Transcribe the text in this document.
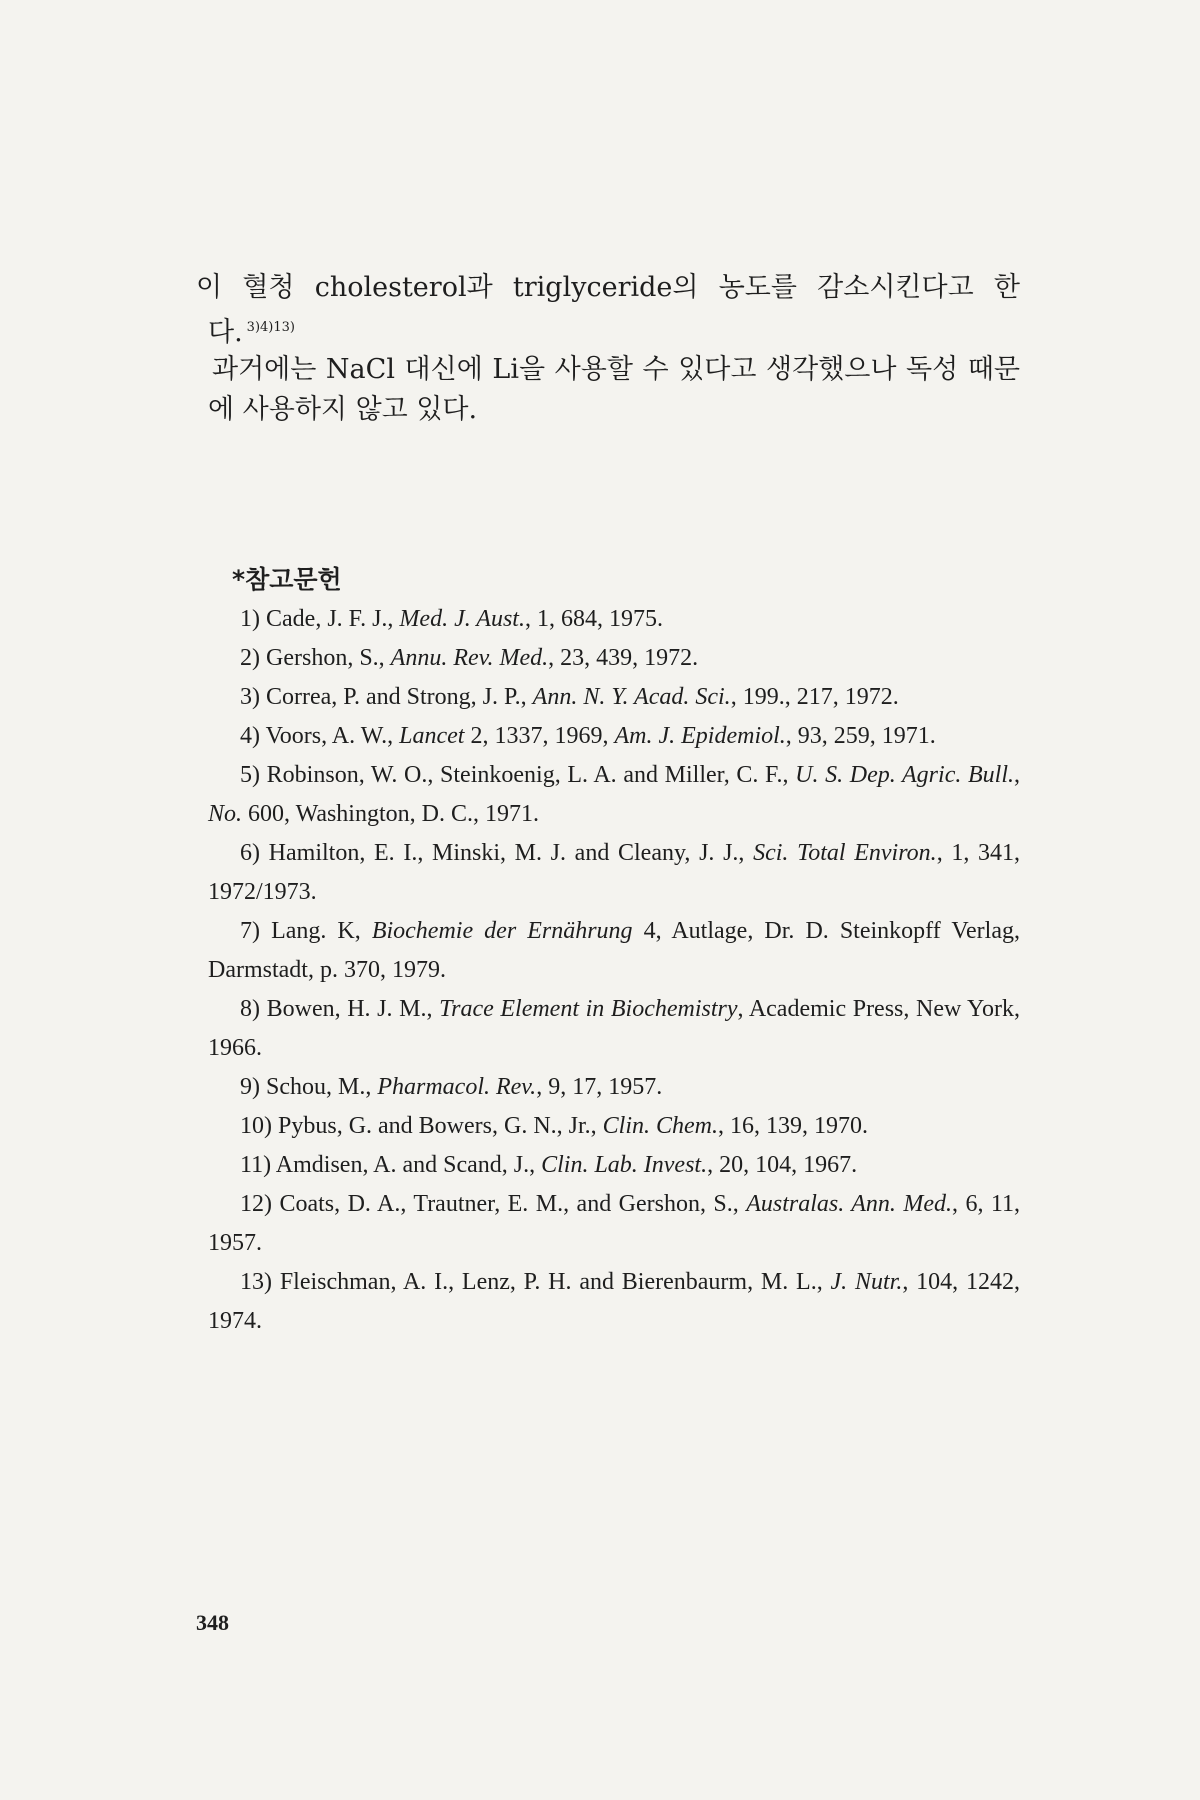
이 혈청 cholesterol과 triglyceride의 농도를 감소시킨다고 한다. $^{3)4)13)}$
과거에는 NaCl 대신에 Li을 사용할 수 있다고 생각했으나 독성 때문에 사용하지 않고 있다.
*참고문헌
1) Cade, J. F. J., Med. J. Aust., 1, 684, 1975.
2) Gershon, S., Annu. Rev. Med., 23, 439, 1972.
3) Correa, P. and Strong, J. P., Ann. N. Y. Acad. Sci., 199., 217, 1972.
4) Voors, A. W., Lancet 2, 1337, 1969, Am. J. Epidemiol., 93, 259, 1971.
5) Robinson, W. O., Steinkoenig, L. A. and Miller, C. F., U. S. Dep. Agric. Bull., No. 600, Washington, D. C., 1971.
6) Hamilton, E. I., Minski, M. J. and Cleany, J. J., Sci. Total Environ., 1, 341, 1972/1973.
7) Lang. K, Biochemie der Ernährung 4, Autlage, Dr. D. Steinkopff Verlag, Darmstadt, p. 370, 1979.
8) Bowen, H. J. M., Trace Element in Biochemistry, Academic Press, New York, 1966.
9) Schou, M., Pharmacol. Rev., 9, 17, 1957.
10) Pybus, G. and Bowers, G. N., Jr., Clin. Chem., 16, 139, 1970.
11) Amdisen, A. and Scand, J., Clin. Lab. Invest., 20, 104, 1967.
12) Coats, D. A., Trautner, E. M., and Gershon, S., Australas. Ann. Med., 6, 11, 1957.
13) Fleischman, A. I., Lenz, P. H. and Bierenbaurm, M. L., J. Nutr., 104, 1242, 1974.
348
